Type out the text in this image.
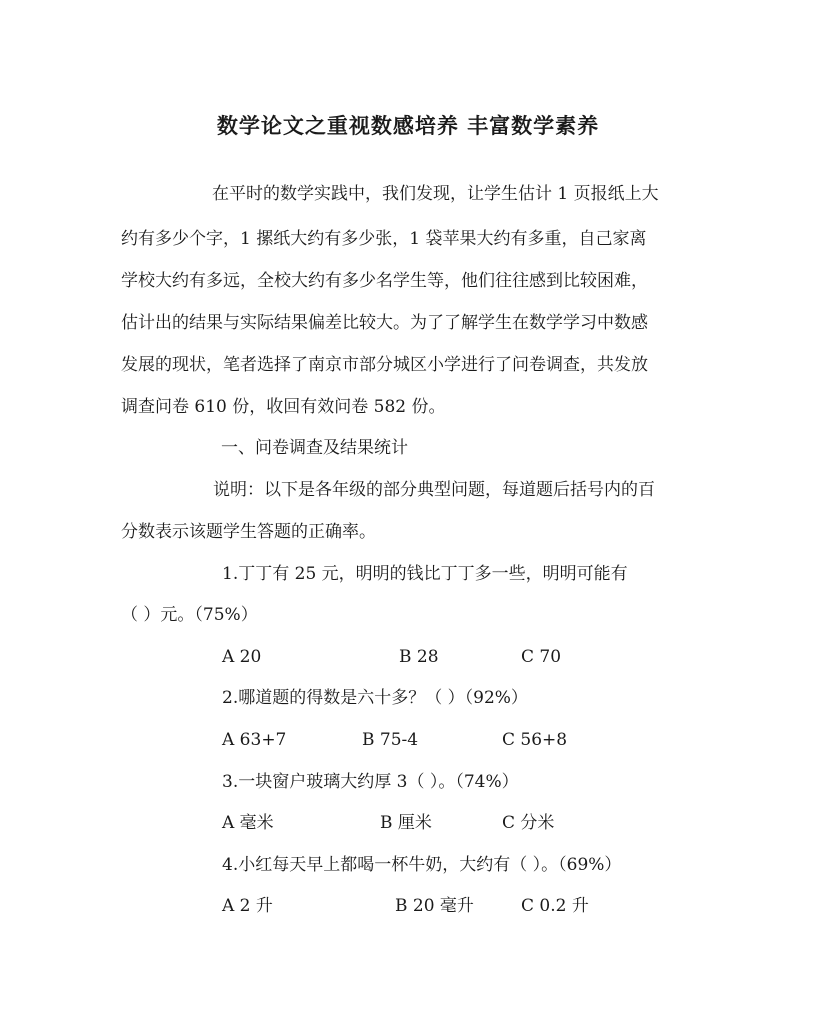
数学论文之重视数感培养 丰富数学素养
在平时的数学实践中，我们发现，让学生估计 1 页报纸上大
约有多少个字，1 摞纸大约有多少张，1 袋苹果大约有多重，自己家离
学校大约有多远，全校大约有多少名学生等，他们往往感到比较困难，
估计出的结果与实际结果偏差比较大。为了了解学生在数学学习中数感
发展的现状，笔者选择了南京市部分城区小学进行了问卷调查，共发放
调查问卷 610 份，收回有效问卷 582 份。
一、问卷调查及结果统计
说明：以下是各年级的部分典型问题，每道题后括号内的百
分数表示该题学生答题的正确率。
1.丁丁有 25 元，明明的钱比丁丁多一些，明明可能有
（ ）元。（75%）
A 20	B 28	C 70
2.哪道题的得数是六十多？（ ）（92%）
A 63+7	B 75-4	C 56+8
3.一块窗户玻璃大约厚 3（ ）。（74%）
A 毫米	B 厘米	C 分米
4.小红每天早上都喝一杯牛奶，大约有（ ）。（69%）
A 2 升	B 20 毫升	C 0.2 升
